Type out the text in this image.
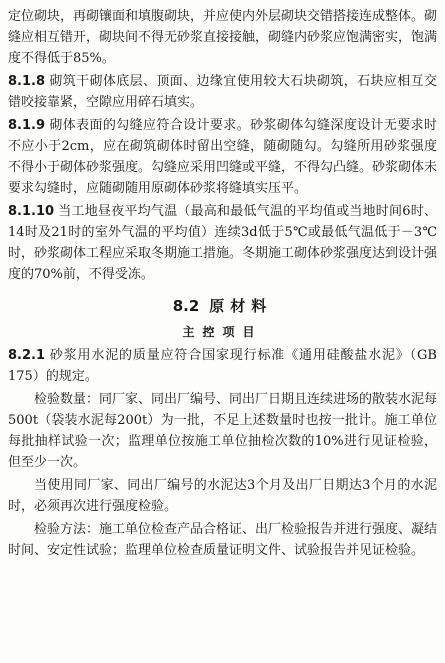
定位砌块，再砌镶面和填腹砌块，并应使内外层砌块交错搭接连成整体。砌缝应相互错开，砌块间不得无砂浆直接接触，砌缝内砂浆应饱满密实，饱满度不得低于85%。

8.1.8 砌筑干砌体底层、顶面、边缘宜使用较大石块砌筑，石块应相互交错咬接靠紧，空隙应用碎石填实。

8.1.9 砌体表面的勾缝应符合设计要求。砂浆砌体勾缝深度设计无要求时不应小于2cm，应在砌筑砌体时留出空缝，随砌随勾。勾缝所用砂浆强度不得小于砌体砂浆强度。勾缝应采用凹缝或平缝，不得勾凸缝。砂浆砌体未要求勾缝时，应随砌随用原砌体砂浆将缝填实压平。

8.1.10 当工地昼夜平均气温（最高和最低气温的平均值或当地时间6时、14时及21时的室外气温的平均值）连续3d低于5℃或最低气温低于－3℃时，砂浆砌体工程应采取冬期施工措施。冬期施工砌体砂浆强度达到设计强度的70%前，不得受冻。

8.2 原材料
主控项目

8.2.1 砂浆用水泥的质量应符合国家现行标准《通用硅酸盐水泥》（GB 175）的规定。

检验数量：同厂家、同出厂编号、同出厂日期且连续进场的散装水泥每500t（袋装水泥每200t）为一批，不足上述数量时也按一批计。施工单位每批抽样试验一次；监理单位按施工单位抽检次数的10%进行见证检验，但至少一次。

当使用同厂家、同出厂编号的水泥达3个月及出厂日期达3个月的水泥时，必须再次进行强度检验。

检验方法：施工单位检查产品合格证、出厂检验报告并进行强度、凝结时间、安定性试验；监理单位检查质量证明文件、试验报告并见证检验。
